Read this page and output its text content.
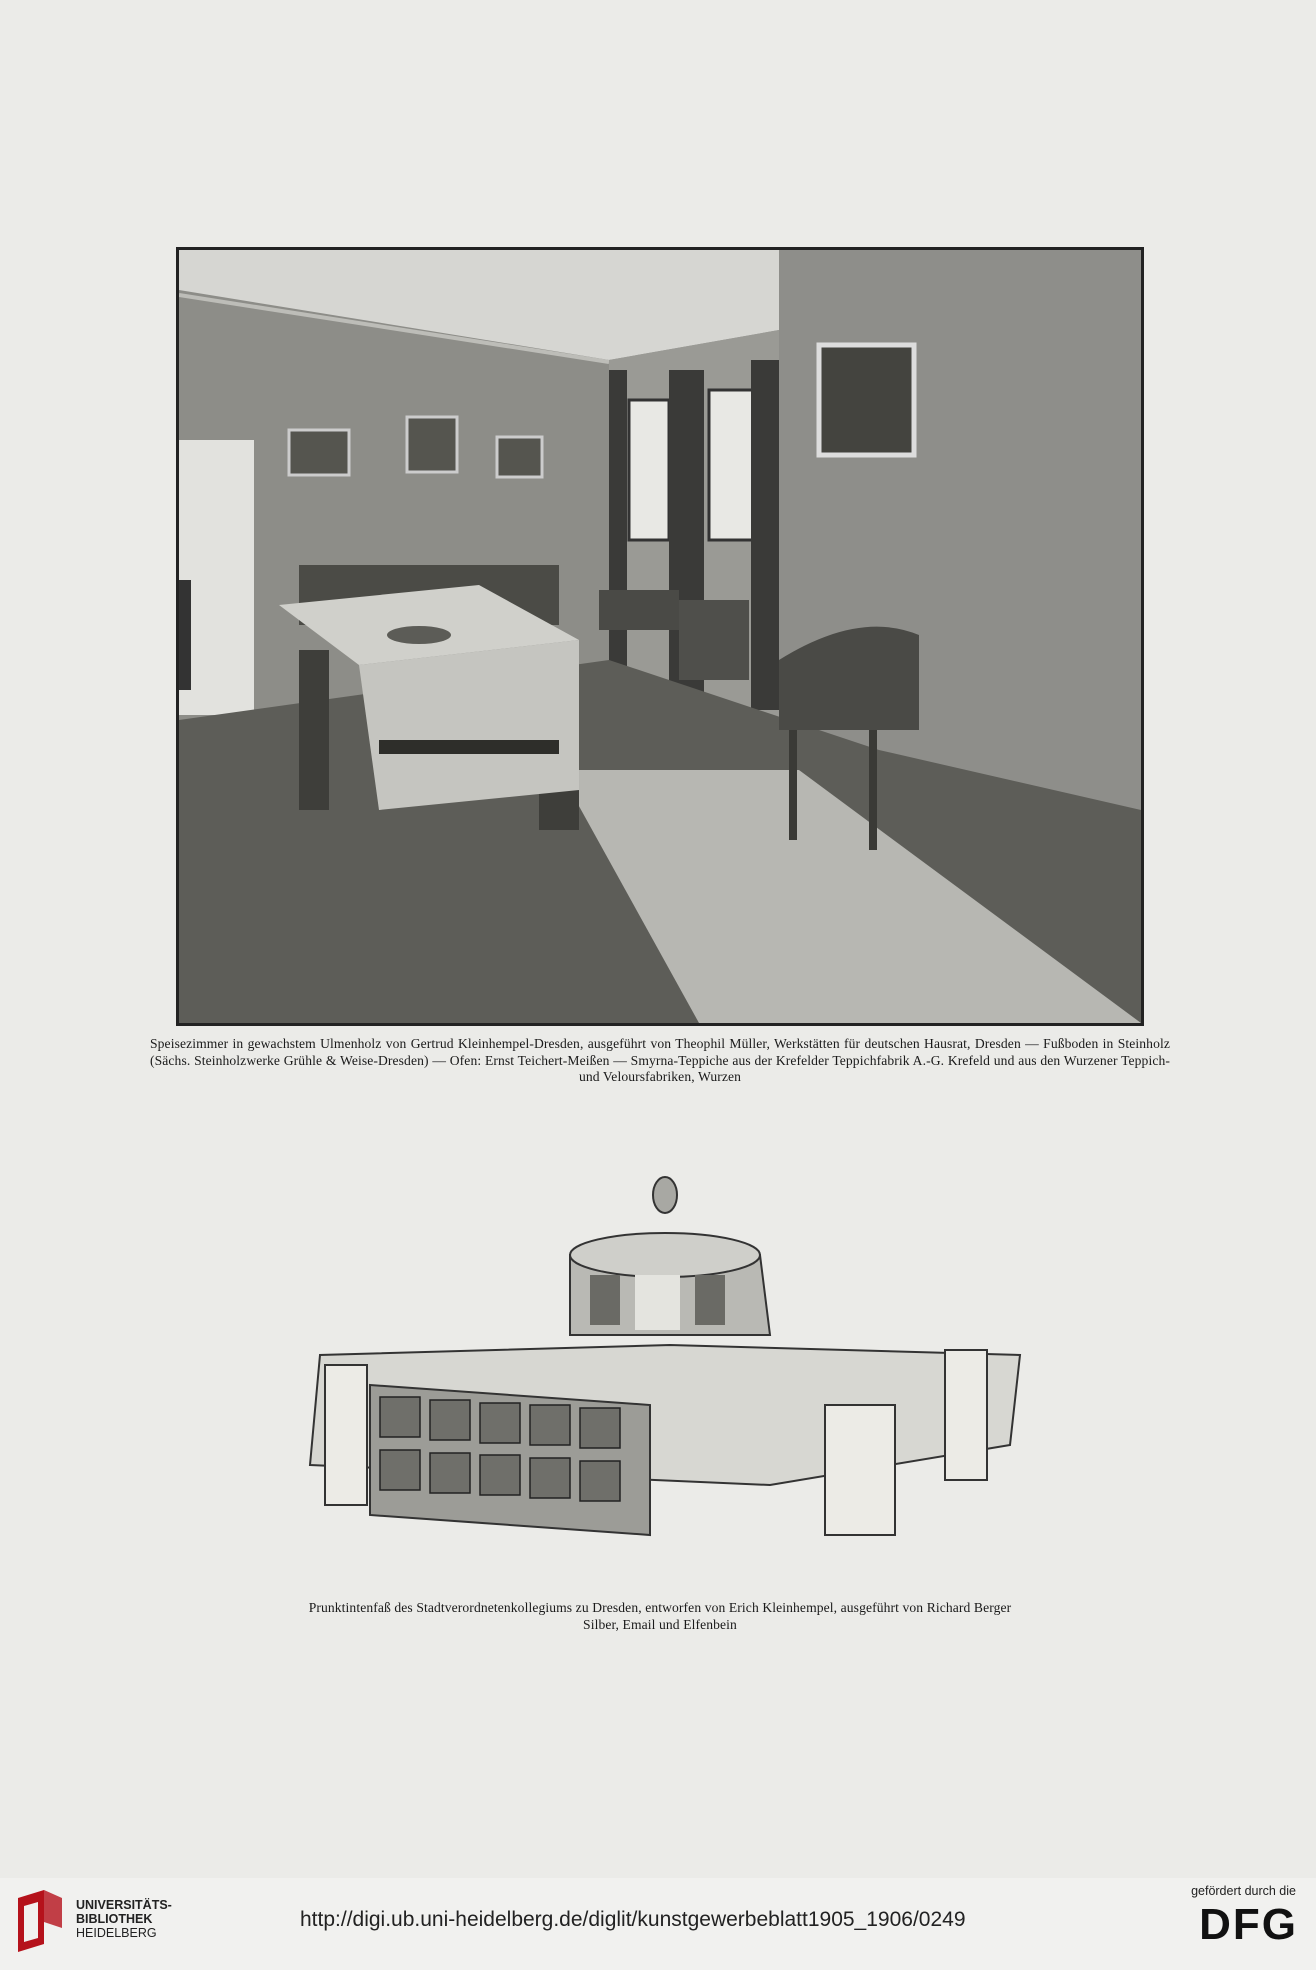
Speisezimmer in gewachstem Ulmenholz von Gertrud Kleinhempel-Dresden, ausgeführt von Theophil Müller, Werkstätten für deutschen Hausrat, Dresden — Fußboden in Steinholz (Sächs. Steinholzwerke Grühle & Weise-Dresden) — Ofen: Ernst Teichert-Meißen — Smyrna-Teppiche aus der Krefelder Teppichfabrik A.-G. Krefeld und aus den Wurzener Teppich- und Veloursfabriken, Wurzen
Prunktintenfaß des Stadtverordnetenkollegiums zu Dresden, entworfen von Erich Kleinhempel, ausgeführt von Richard Berger
Silber, Email und Elfenbein
UNIVERSITÄTS-
BIBLIOTHEK
HEIDELBERG
http://digi.ub.uni-heidelberg.de/diglit/kunstgewerbeblatt1905_1906/0249
gefördert durch die
DFG
